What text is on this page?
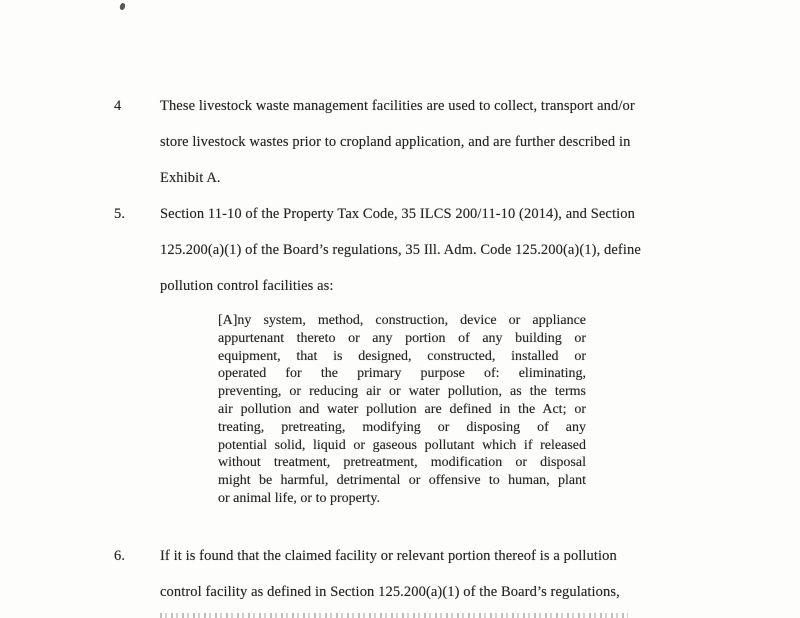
4	These livestock waste management facilities are used to collect, transport and/or
store livestock wastes prior to cropland application, and are further described in
Exhibit A.
5. Section 11-10 of the Property Tax Code, 35 ILCS 200/11-10 (2014), and Section
125.200(a)(1) of the Board’s regulations, 35 Ill. Adm. Code 125.200(a)(1), define
pollution control facilities as:
[A]ny system, method, construction, device or appliance
appurtenant thereto or any portion of any building or
equipment, that is designed, constructed, installed or
operated for the primary purpose of: eliminating,
preventing, or reducing air or water pollution, as the terms
air pollution and water pollution are defined in the Act; or
treating, pretreating, modifying or disposing of any
potential solid, liquid or gaseous pollutant which if released
without treatment, pretreatment, modification or disposal
might be harmful, detrimental or offensive to human, plant
or animal life, or to property.
6. If it is found that the claimed facility or relevant portion thereof is a pollution
control facility as defined in Section 125.200(a)(1) of the Board’s regulations,
